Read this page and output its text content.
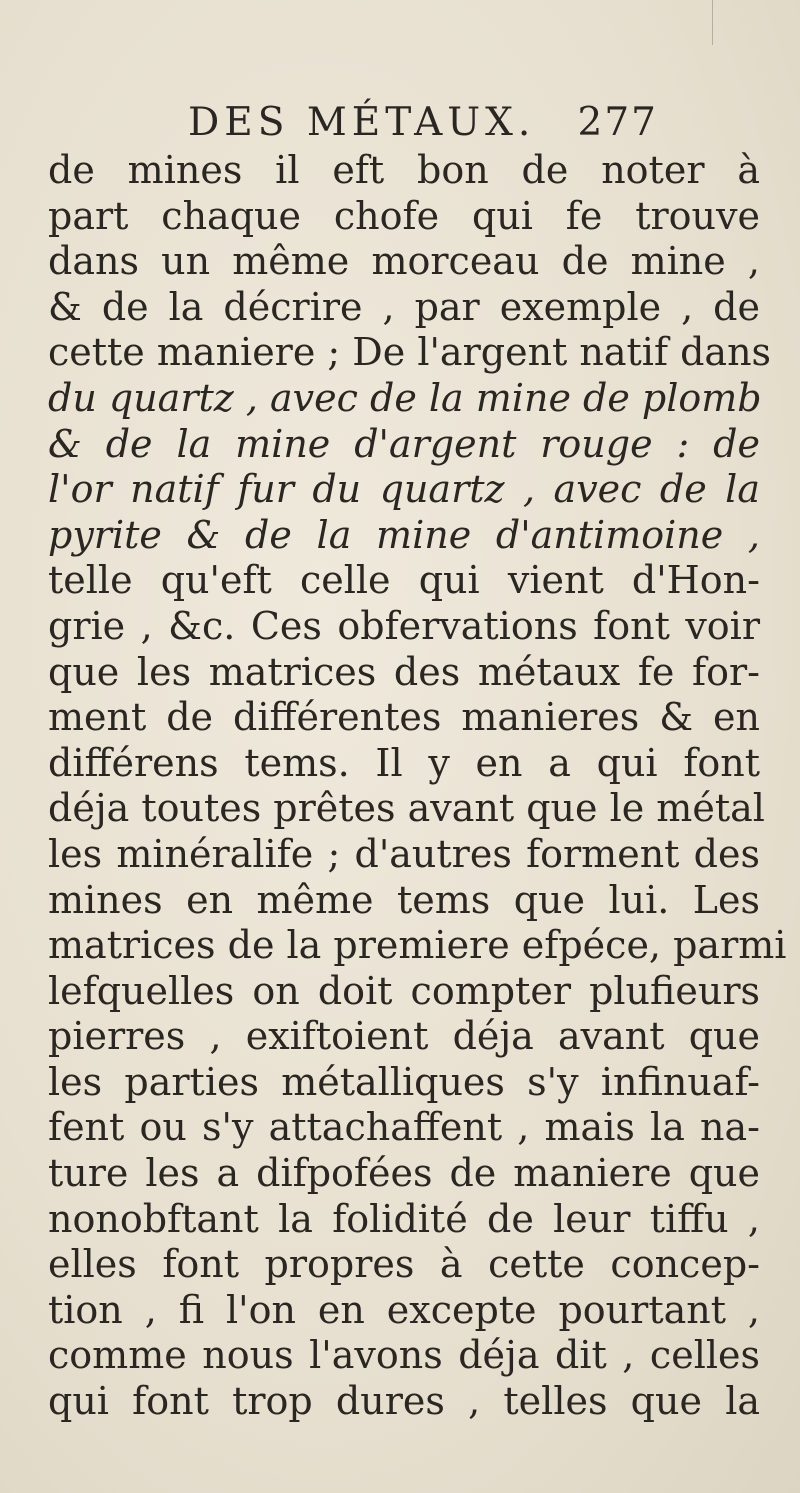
DES MÉTAUX. 277
de mines il eft bon de noter à
part chaque chofe qui fe trouve
dans un même morceau de mine ,
& de la décrire , par exemple , de
cette maniere ; De l'argent natif dans
du quartz , avec de la mine de plomb
& de la mine d'argent rouge : de
l'or natif fur du quartz , avec de la
pyrite & de la mine d'antimoine ,
telle qu'eft celle qui vient d'Hon-
grie , &c. Ces obfervations font voir
que les matrices des métaux fe for-
ment de différentes manieres & en
différens tems. Il y en a qui font
déja toutes prêtes avant que le métal
les minéralife ; d'autres forment des
mines en même tems que lui. Les
matrices de la premiere efpéce, parmi
lefquelles on doit compter plufieurs
pierres , exiftoient déja avant que
les parties métalliques s'y infinuaf-
fent ou s'y attachaffent , mais la na-
ture les a difpofées de maniere que
nonobftant la folidité de leur tiffu ,
elles font propres à cette concep-
tion , fi l'on en excepte pourtant ,
comme nous l'avons déja dit , celles
qui font trop dures , telles que la
